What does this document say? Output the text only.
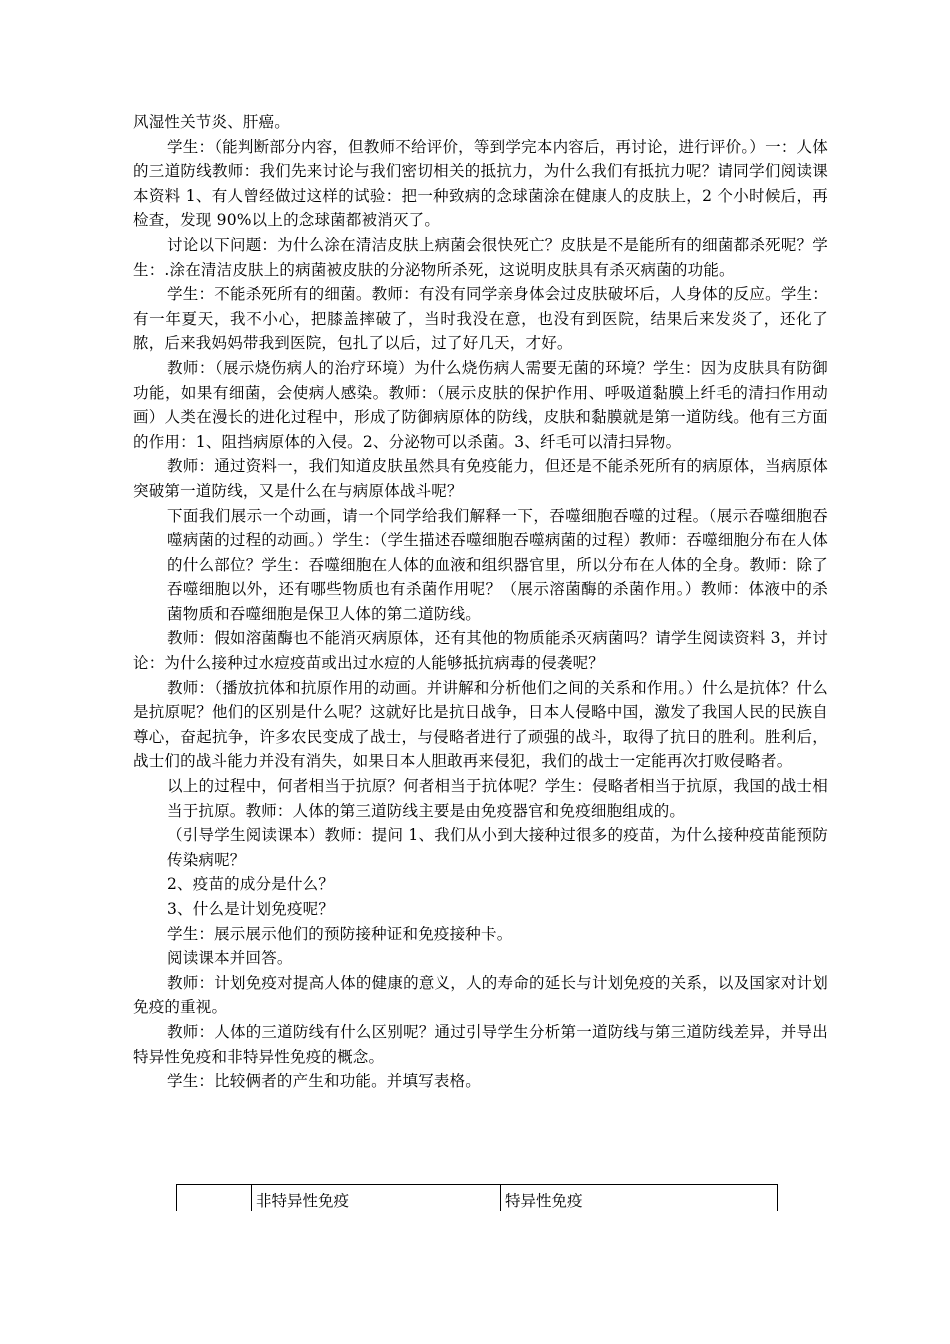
风湿性关节炎、肝癌。

学生：（能判断部分内容，但教师不给评价，等到学完本内容后，再讨论，进行评价。）一：人体的三道防线教师：我们先来讨论与我们密切相关的抵抗力，为什么我们有抵抗力呢？请同学们阅读课本资料 1、有人曾经做过这样的试验：把一种致病的念球菌涂在健康人的皮肤上，2 个小时候后，再检查，发现 90%以上的念球菌都被消灭了。

讨论以下问题：为什么涂在清洁皮肤上病菌会很快死亡？皮肤是不是能所有的细菌都杀死呢？学生：.涂在清洁皮肤上的病菌被皮肤的分泌物所杀死，这说明皮肤具有杀灭病菌的功能。

学生：不能杀死所有的细菌。教师：有没有同学亲身体会过皮肤破坏后，人身体的反应。学生：有一年夏天，我不小心，把膝盖摔破了，当时我没在意，也没有到医院，结果后来发炎了，还化了脓，后来我妈妈带我到医院，包扎了以后，过了好几天，才好。

教师：（展示烧伤病人的治疗环境）为什么烧伤病人需要无菌的环境？学生：因为皮肤具有防御功能，如果有细菌，会使病人感染。教师：（展示皮肤的保护作用、呼吸道黏膜上纤毛的清扫作用动画）人类在漫长的进化过程中，形成了防御病原体的防线，皮肤和黏膜就是第一道防线。他有三方面的作用：1、阻挡病原体的入侵。2、分泌物可以杀菌。3、纤毛可以清扫异物。

教师：通过资料一，我们知道皮肤虽然具有免疫能力，但还是不能杀死所有的病原体，当病原体突破第一道防线，又是什么在与病原体战斗呢？

下面我们展示一个动画，请一个同学给我们解释一下，吞噬细胞吞噬的过程。（展示吞噬细胞吞噬病菌的过程的动画。）学生：（学生描述吞噬细胞吞噬病菌的过程）教师：吞噬细胞分布在人体的什么部位？学生：吞噬细胞在人体的血液和组织器官里，所以分布在人体的全身。教师：除了吞噬细胞以外，还有哪些物质也有杀菌作用呢？（展示溶菌酶的杀菌作用。）教师：体液中的杀菌物质和吞噬细胞是保卫人体的第二道防线。

教师：假如溶菌酶也不能消灭病原体，还有其他的物质能杀灭病菌吗？请学生阅读资料 3，并讨论：为什么接种过水痘疫苗或出过水痘的人能够抵抗病毒的侵袭呢？

教师：（播放抗体和抗原作用的动画。并讲解和分析他们之间的关系和作用。）什么是抗体？什么是抗原呢？他们的区别是什么呢？这就好比是抗日战争，日本人侵略中国，激发了我国人民的民族自尊心，奋起抗争，许多农民变成了战士，与侵略者进行了顽强的战斗，取得了抗日的胜利。胜利后，战士们的战斗能力并没有消失，如果日本人胆敢再来侵犯，我们的战士一定能再次打败侵略者。

以上的过程中，何者相当于抗原？何者相当于抗体呢？学生：侵略者相当于抗原，我国的战士相当于抗原。教师：人体的第三道防线主要是由免疫器官和免疫细胞组成的。

（引导学生阅读课本）教师：提问 1、我们从小到大接种过很多的疫苗，为什么接种疫苗能预防传染病呢？

2、疫苗的成分是什么？

3、什么是计划免疫呢？

学生：展示展示他们的预防接种证和免疫接种卡。

阅读课本并回答。

教师：计划免疫对提高人体的健康的意义，人的寿命的延长与计划免疫的关系，以及国家对计划免疫的重视。

教师：人体的三道防线有什么区别呢？通过引导学生分析第一道防线与第三道防线差异，并导出特异性免疫和非特异性免疫的概念。

学生：比较俩者的产生和功能。并填写表格。

	非特异性免疫	特异性免疫
